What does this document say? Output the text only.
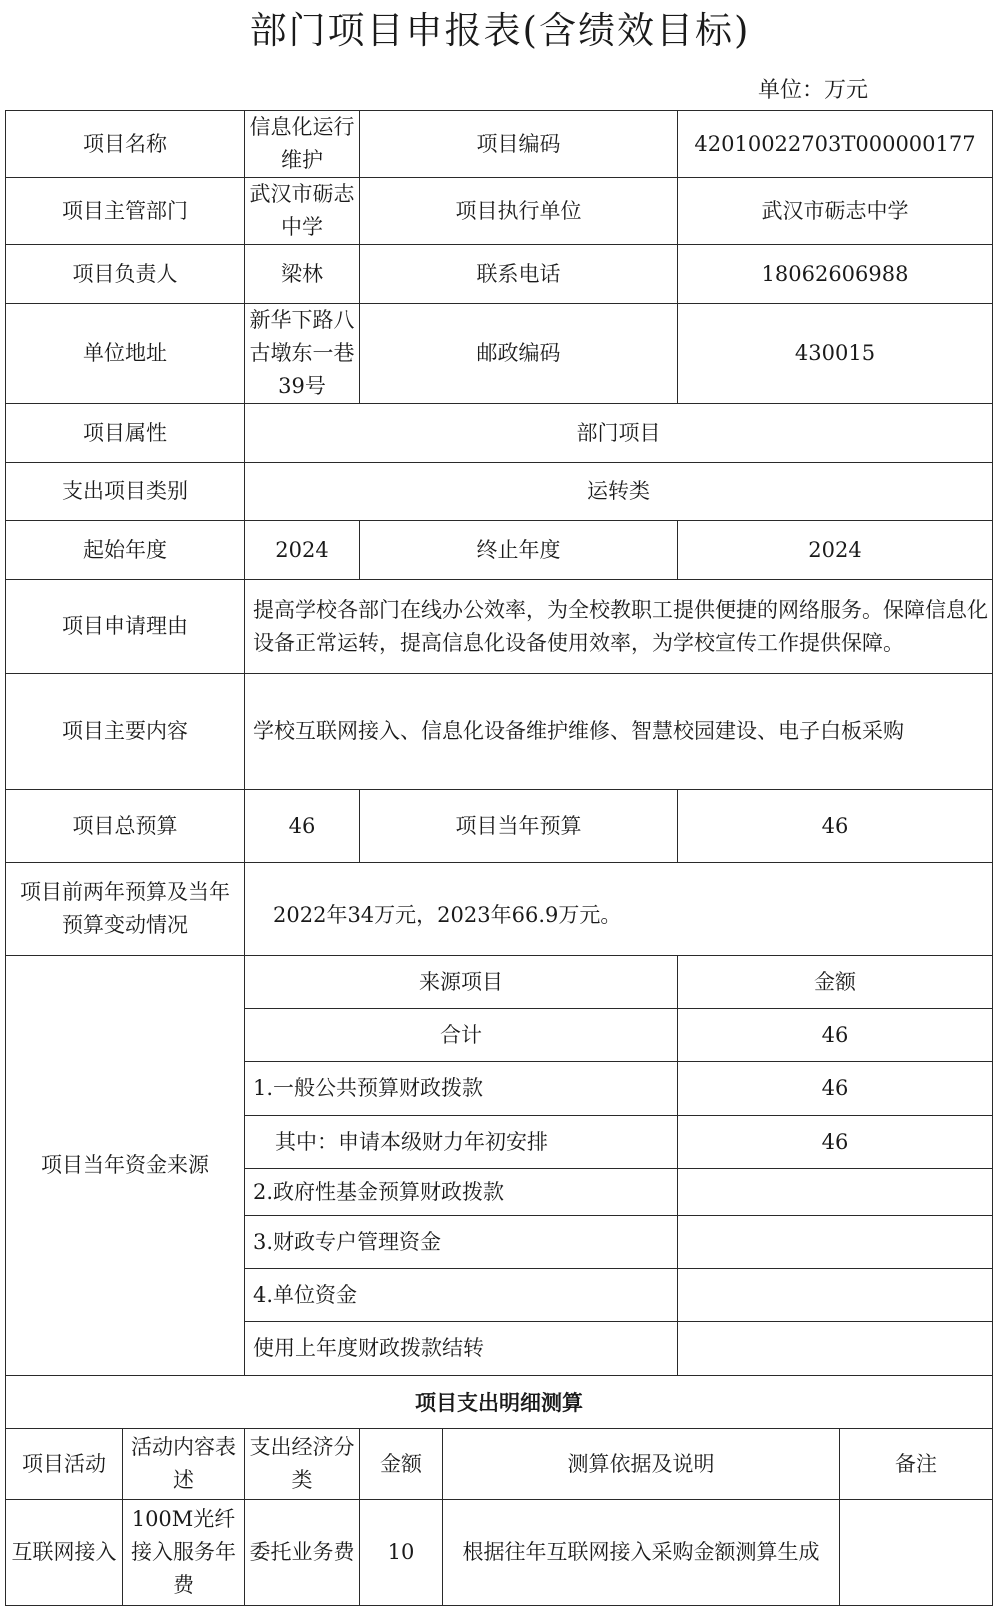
部门项目申报表(含绩效目标)
单位：万元
项目名称		信息化运行维护	项目编码		42010022703T000000177	
项目主管部门		武汉市砺志中学	项目执行单位		武汉市砺志中学	
项目负责人		梁林	联系电话		18062606988	
单位地址		新华下路八古墩东一巷39号	邮政编码		430015	
项目属性		部门项目				
支出项目类别		运转类				
起始年度		2024	终止年度		2024	
项目申请理由		提高学校各部门在线办公效率，为全校教职工提供便捷的网络服务。保障信息化设备正常运转，提高信息化设备使用效率，为学校宣传工作提供保障。				
项目主要内容		学校互联网接入、信息化设备维护维修、智慧校园建设、电子白板采购				
项目总预算		46	项目当年预算		46	
项目前两年预算及当年预算变动情况		2022年34万元，2023年66.9万元。				
项目当年资金来源		来源项目			金额	
		合计			46	
		1.一般公共预算财政拨款			46	
		其中：申请本级财力年初安排			46	
		2.政府性基金预算财政拨款				
		3.财政专户管理资金				
		4.单位资金				
		使用上年度财政拨款结转				
项目支出明细测算						
项目活动	活动内容表述	支出经济分类	金额	测算依据及说明		备注
互联网接入	100M光纤接入服务年费	委托业务费	10	根据往年互联网接入采购金额测算生成		
